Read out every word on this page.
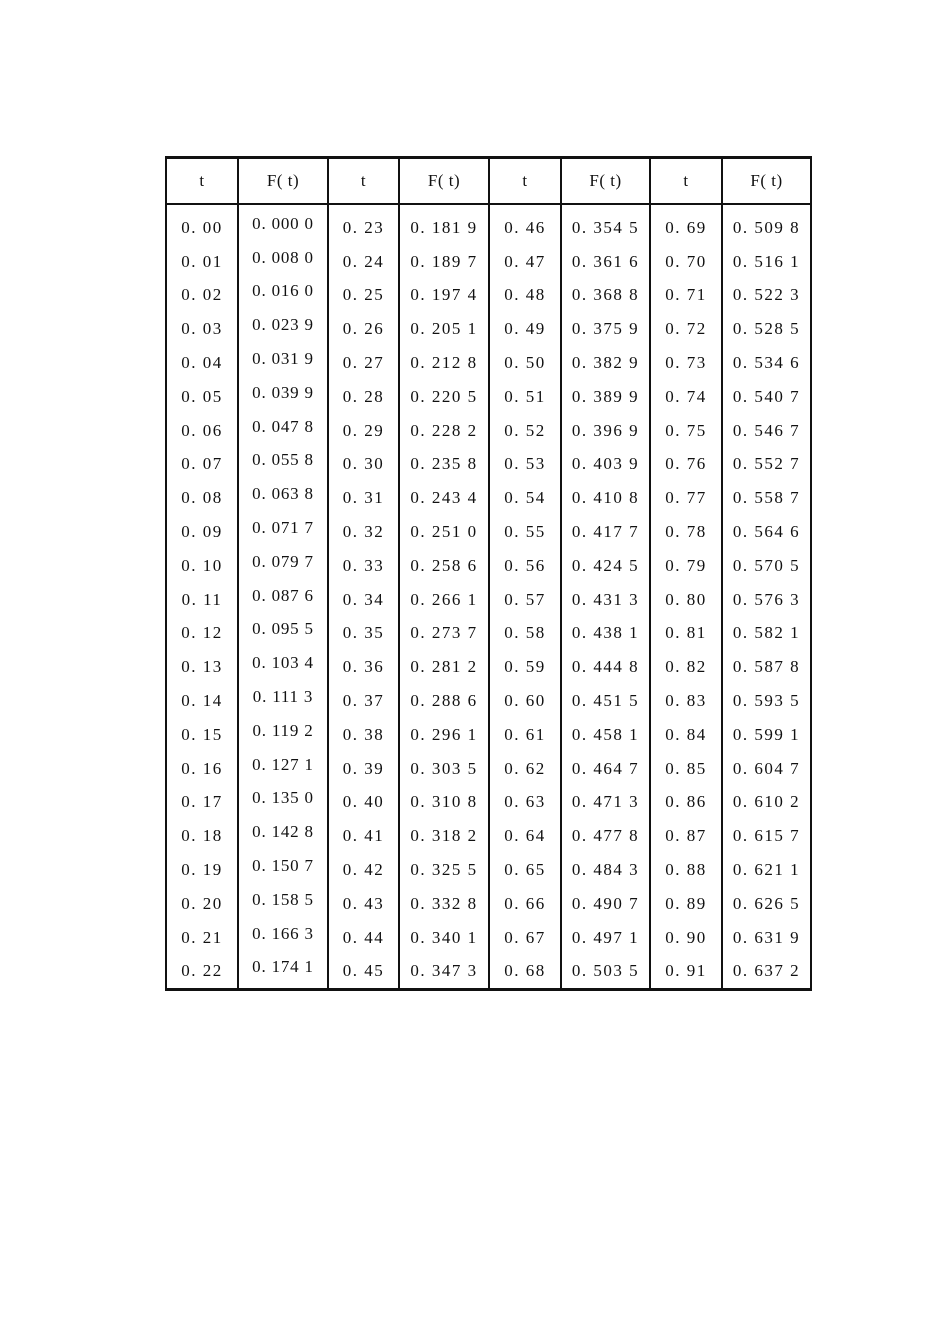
t	F( t)	t	F( t)	t	F( t)	t	F( t)
0. 00	0. 000 0	0. 23	0. 181 9	0. 46	0. 354 5	0. 69	0. 509 8
0. 01	0. 008 0	0. 24	0. 189 7	0. 47	0. 361 6	0. 70	0. 516 1
0. 02	0. 016 0	0. 25	0. 197 4	0. 48	0. 368 8	0. 71	0. 522 3
0. 03	0. 023 9	0. 26	0. 205 1	0. 49	0. 375 9	0. 72	0. 528 5
0. 04	0. 031 9	0. 27	0. 212 8	0. 50	0. 382 9	0. 73	0. 534 6
0. 05	0. 039 9	0. 28	0. 220 5	0. 51	0. 389 9	0. 74	0. 540 7
0. 06	0. 047 8	0. 29	0. 228 2	0. 52	0. 396 9	0. 75	0. 546 7
0. 07	0. 055 8	0. 30	0. 235 8	0. 53	0. 403 9	0. 76	0. 552 7
0. 08	0. 063 8	0. 31	0. 243 4	0. 54	0. 410 8	0. 77	0. 558 7
0. 09	0. 071 7	0. 32	0. 251 0	0. 55	0. 417 7	0. 78	0. 564 6
0. 10	0. 079 7	0. 33	0. 258 6	0. 56	0. 424 5	0. 79	0. 570 5
0. 11	0. 087 6	0. 34	0. 266 1	0. 57	0. 431 3	0. 80	0. 576 3
0. 12	0. 095 5	0. 35	0. 273 7	0. 58	0. 438 1	0. 81	0. 582 1
0. 13	0. 103 4	0. 36	0. 281 2	0. 59	0. 444 8	0. 82	0. 587 8
0. 14	0. 111 3	0. 37	0. 288 6	0. 60	0. 451 5	0. 83	0. 593 5
0. 15	0. 119 2	0. 38	0. 296 1	0. 61	0. 458 1	0. 84	0. 599 1
0. 16	0. 127 1	0. 39	0. 303 5	0. 62	0. 464 7	0. 85	0. 604 7
0. 17	0. 135 0	0. 40	0. 310 8	0. 63	0. 471 3	0. 86	0. 610 2
0. 18	0. 142 8	0. 41	0. 318 2	0. 64	0. 477 8	0. 87	0. 615 7
0. 19	0. 150 7	0. 42	0. 325 5	0. 65	0. 484 3	0. 88	0. 621 1
0. 20	0. 158 5	0. 43	0. 332 8	0. 66	0. 490 7	0. 89	0. 626 5
0. 21	0. 166 3	0. 44	0. 340 1	0. 67	0. 497 1	0. 90	0. 631 9
0. 22	0. 174 1	0. 45	0. 347 3	0. 68	0. 503 5	0. 91	0. 637 2
